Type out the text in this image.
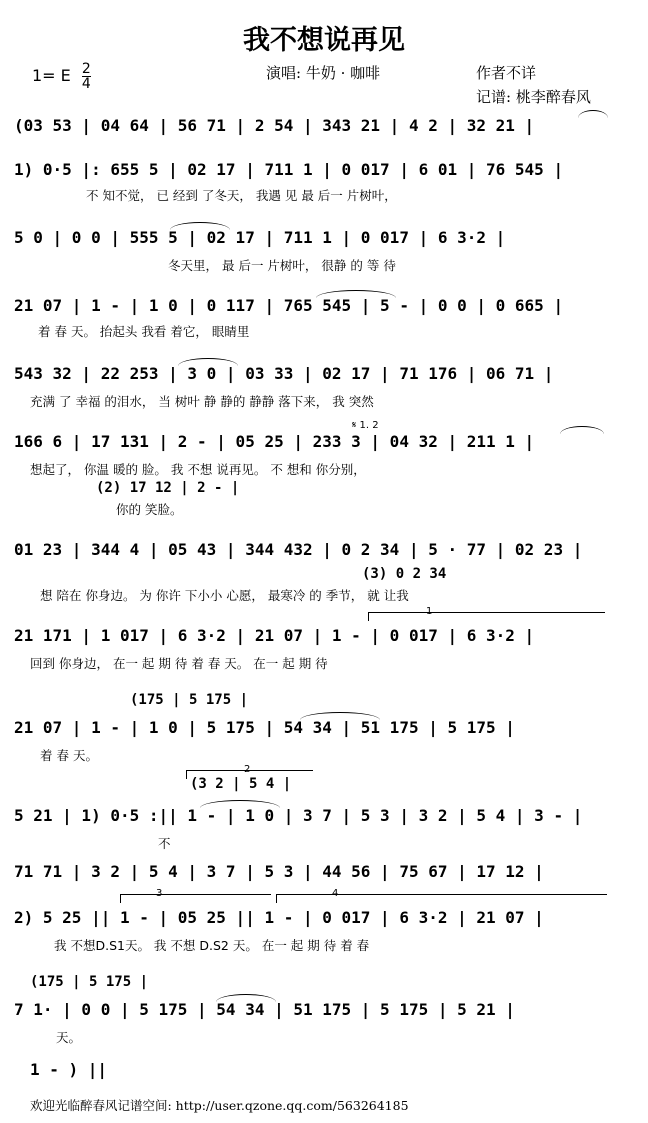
我不想说再见
1= E $\frac{2}{4}$	演唱: 牛奶 · 咖啡	作者不详
记谱: 桃李醉春风
(03 53 | 04 64 | 56 71 | 2 54 | 343 21 | 4 2 | 32 21 |
1) 0·5 |: 655 5 | 02 17 | 711 1 | 0 017 | 6 01 | 76 545 |
不 知不觉， 已 经到 了冬天， 我遇 见 最 后一 片树叶，
5 0 | 0 0 | 555 5 | 02 17 | 711 1 | 0 017 | 6 3·2 |
冬天里， 最 后一 片树叶， 很静 的 等 待
21 07 | 1 - | 1 0 | 0 117 | 765 545 | 5 - | 0 0 | 0 665 |
着 春 天。 抬起头 我看 着它， 眼睛里
543 32 | 22 253 | 3 0 | 03 33 | 02 17 | 71 176 | 06 71 |
充满 了 幸福 的泪水， 当 树叶 静 静的 静静 落下来， 我 突然
𝄋 1. 2
166 6 | 17 131 | 2 - | 05 25 | 233 3 | 04 32 | 211 1 |
想起了， 你温 暖的 脸。 我 不想 说再见。 不 想和 你分别，
(2) 17 12 | 2 - |
你的 笑脸。
01 23 | 344 4 | 05 43 | 344 432 | 0 2 34 | 5 · 77 | 02 23 |
(3) 0 2 34
想 陪在 你身边。 为 你许 下小小 心愿， 最寒冷 的 季节， 就 让我
1
21 171 | 1 017 | 6 3·2 | 21 07 | 1 - | 0 017 | 6 3·2 |
回到 你身边， 在一 起 期 待 着 春 天。 在一 起 期 待
(175 | 5 175 |
21 07 | 1 - | 1 0 | 5 175 | 54 34 | 51 175 | 5 175 |
着 春 天。
2
(3 2 | 5 4 |
5 21 | 1) 0·5 :|| 1 - | 1 0 | 3 7 | 5 3 | 3 2 | 5 4 | 3 - |
不
71 71 | 3 2 | 5 4 | 3 7 | 5 3 | 44 56 | 75 67 | 17 12 |
3	4
2) 5 25 || 1 - | 05 25 || 1 - | 0 017 | 6 3·2 | 21 07 |
我 不想D.S1天。 我 不想 D.S2 天。 在一 起 期 待 着 春
(175 | 5 175 |
7 1· | 0 0 | 5 175 | 54 34 | 51 175 | 5 175 | 5 21 |
天。
1 - ) ||
欢迎光临醉春风记谱空间: http://user.qzone.qq.com/563264185
